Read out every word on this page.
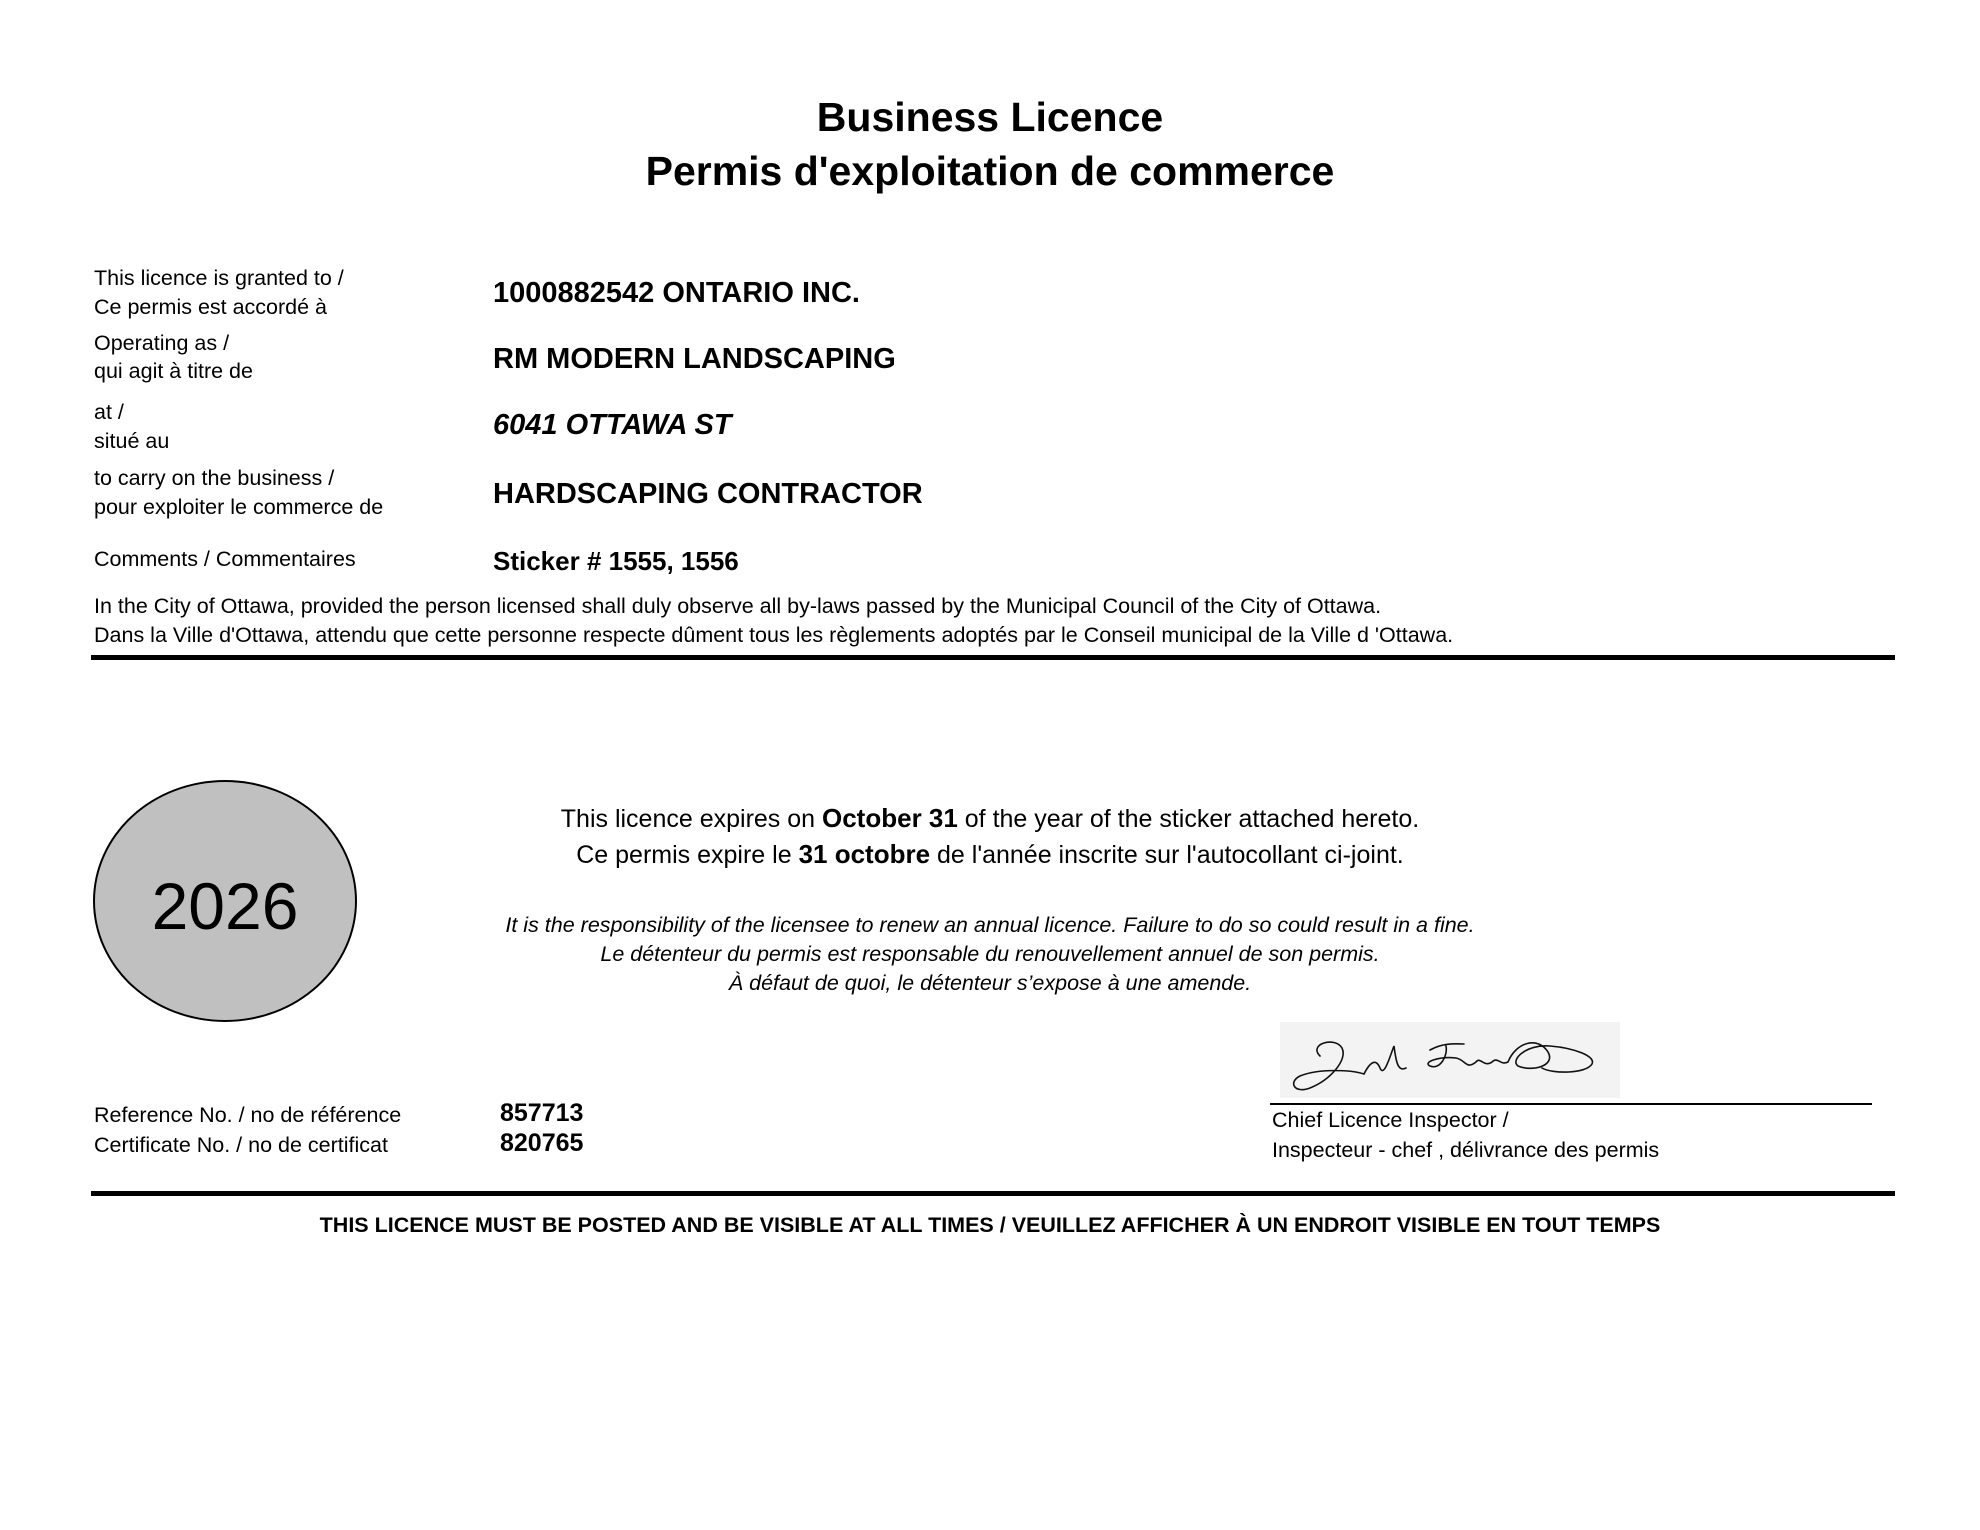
Business Licence
Permis d'exploitation de commerce
This licence is granted to /
Ce permis est accordé à	1000882542 ONTARIO INC.
Operating as /
qui agit à titre de	RM MODERN LANDSCAPING
at /
situé au	6041 OTTAWA ST
to carry on the business /
pour exploiter le commerce de	HARDSCAPING CONTRACTOR
Comments / Commentaires	Sticker # 1555, 1556
In the City of Ottawa, provided the person licensed shall duly observe all by-laws passed by the Municipal Council of the City of Ottawa.
Dans la Ville d'Ottawa, attendu que cette personne respecte dûment tous les règlements adoptés par le Conseil municipal de la Ville d 'Ottawa.
2026
This licence expires on October 31 of the year of the sticker attached hereto.
Ce permis expire le 31 octobre de l'année inscrite sur l'autocollant ci-joint.
It is the responsibility of the licensee to renew an annual licence. Failure to do so could result in a fine.
Le détenteur du permis est responsable du renouvellement annuel de son permis.
À défaut de quoi, le détenteur s’expose à une amende.
Reference No. / no de référence	857713
Certificate No. / no de certificat	820765
Chief Licence Inspector /
Inspecteur - chef , délivrance des permis
THIS LICENCE MUST BE POSTED AND BE VISIBLE AT ALL TIMES / VEUILLEZ AFFICHER À UN ENDROIT VISIBLE EN TOUT TEMPS
